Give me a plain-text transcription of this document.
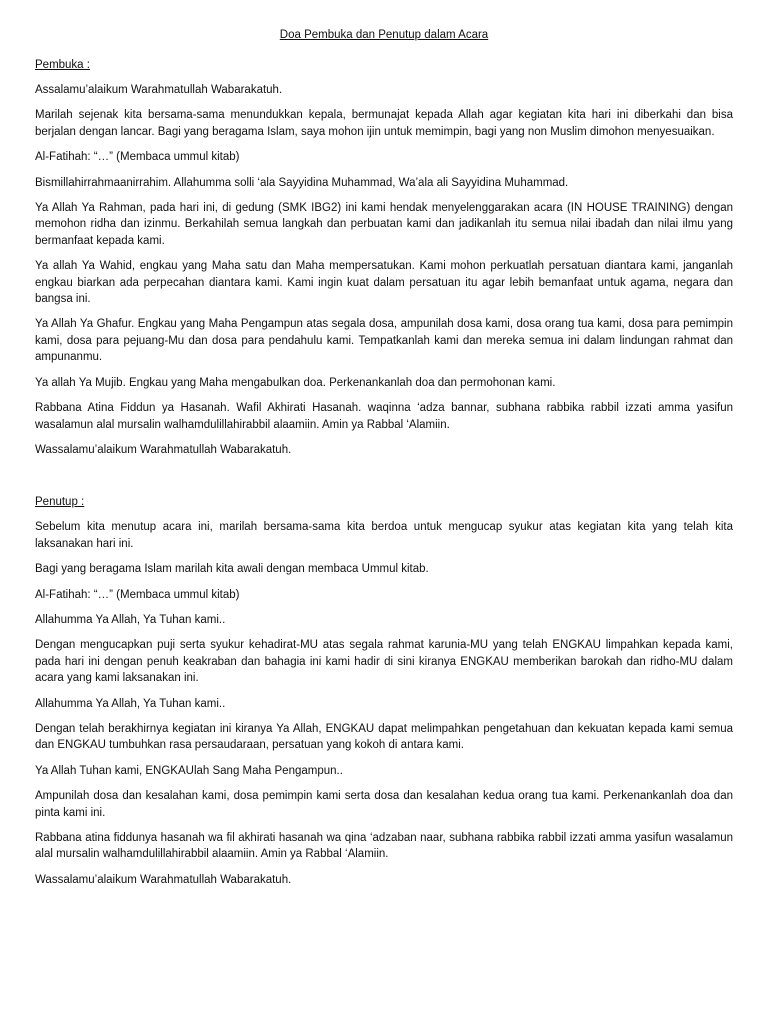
Doa Pembuka dan Penutup dalam Acara
Pembuka :

Assalamu’alaikum Warahmatullah Wabarakatuh.

Marilah sejenak kita bersama-sama menundukkan kepala, bermunajat kepada Allah agar kegiatan kita hari ini diberkahi dan bisa berjalan dengan lancar. Bagi yang beragama Islam, saya mohon ijin untuk memimpin, bagi yang non Muslim dimohon menyesuaikan.

Al-Fatihah: “…” (Membaca ummul kitab)

Bismillahirrahmaanirrahim. Allahumma solli ‘ala Sayyidina Muhammad, Wa’ala ali Sayyidina Muhammad.

Ya Allah Ya Rahman, pada hari ini, di gedung (SMK IBG2) ini kami hendak menyelenggarakan acara (IN HOUSE TRAINING) dengan memohon ridha dan izinmu. Berkahilah semua langkah dan perbuatan kami dan jadikanlah itu semua nilai ibadah dan nilai ilmu yang bermanfaat kepada kami.

Ya allah Ya Wahid, engkau yang Maha satu dan Maha mempersatukan. Kami mohon perkuatlah persatuan diantara kami, janganlah engkau biarkan ada perpecahan diantara kami. Kami ingin kuat dalam persatuan itu agar lebih bemanfaat untuk agama, negara dan bangsa ini.

Ya Allah Ya Ghafur. Engkau yang Maha Pengampun atas segala dosa, ampunilah dosa kami, dosa orang tua kami, dosa para pemimpin kami, dosa para pejuang-Mu dan dosa para pendahulu kami. Tempatkanlah kami dan mereka semua ini dalam lindungan rahmat dan ampunanmu.

Ya allah Ya Mujib. Engkau yang Maha mengabulkan doa. Perkenankanlah doa dan permohonan kami.

Rabbana Atina Fiddun ya Hasanah. Wafil Akhirati Hasanah. waqinna ‘adza bannar, subhana rabbika rabbil izzati amma yasifun wasalamun alal mursalin walhamdulillahirabbil alaamiin. Amin ya Rabbal ‘Alamiin.

Wassalamu’alaikum Warahmatullah Wabarakatuh.

Penutup :

Sebelum kita menutup acara ini, marilah bersama-sama kita berdoa untuk mengucap syukur atas kegiatan kita yang telah kita laksanakan hari ini.

Bagi yang beragama Islam marilah kita awali dengan membaca Ummul kitab.

Al-Fatihah: “…” (Membaca ummul kitab)

Allahumma Ya Allah, Ya Tuhan kami..

Dengan mengucapkan puji serta syukur kehadirat-MU atas segala rahmat karunia-MU yang telah ENGKAU limpahkan kepada kami, pada hari ini dengan penuh keakraban dan bahagia ini kami hadir di sini kiranya ENGKAU memberikan barokah dan ridho-MU dalam acara yang kami laksanakan ini.

Allahumma Ya Allah, Ya Tuhan kami..

Dengan telah berakhirnya kegiatan ini kiranya Ya Allah, ENGKAU dapat melimpahkan pengetahuan dan kekuatan kepada kami semua dan ENGKAU tumbuhkan rasa persaudaraan, persatuan yang kokoh di antara kami.

Ya Allah Tuhan kami, ENGKAUlah Sang Maha Pengampun..

Ampunilah dosa dan kesalahan kami, dosa pemimpin kami serta dosa dan kesalahan kedua orang tua kami. Perkenankanlah doa dan pinta kami ini.

Rabbana atina fiddunya hasanah wa fil akhirati hasanah wa qina ‘adzaban naar, subhana rabbika rabbil izzati amma yasifun wasalamun alal mursalin walhamdulillahirabbil alaamiin. Amin ya Rabbal ‘Alamiin.

Wassalamu’alaikum Warahmatullah Wabarakatuh.
